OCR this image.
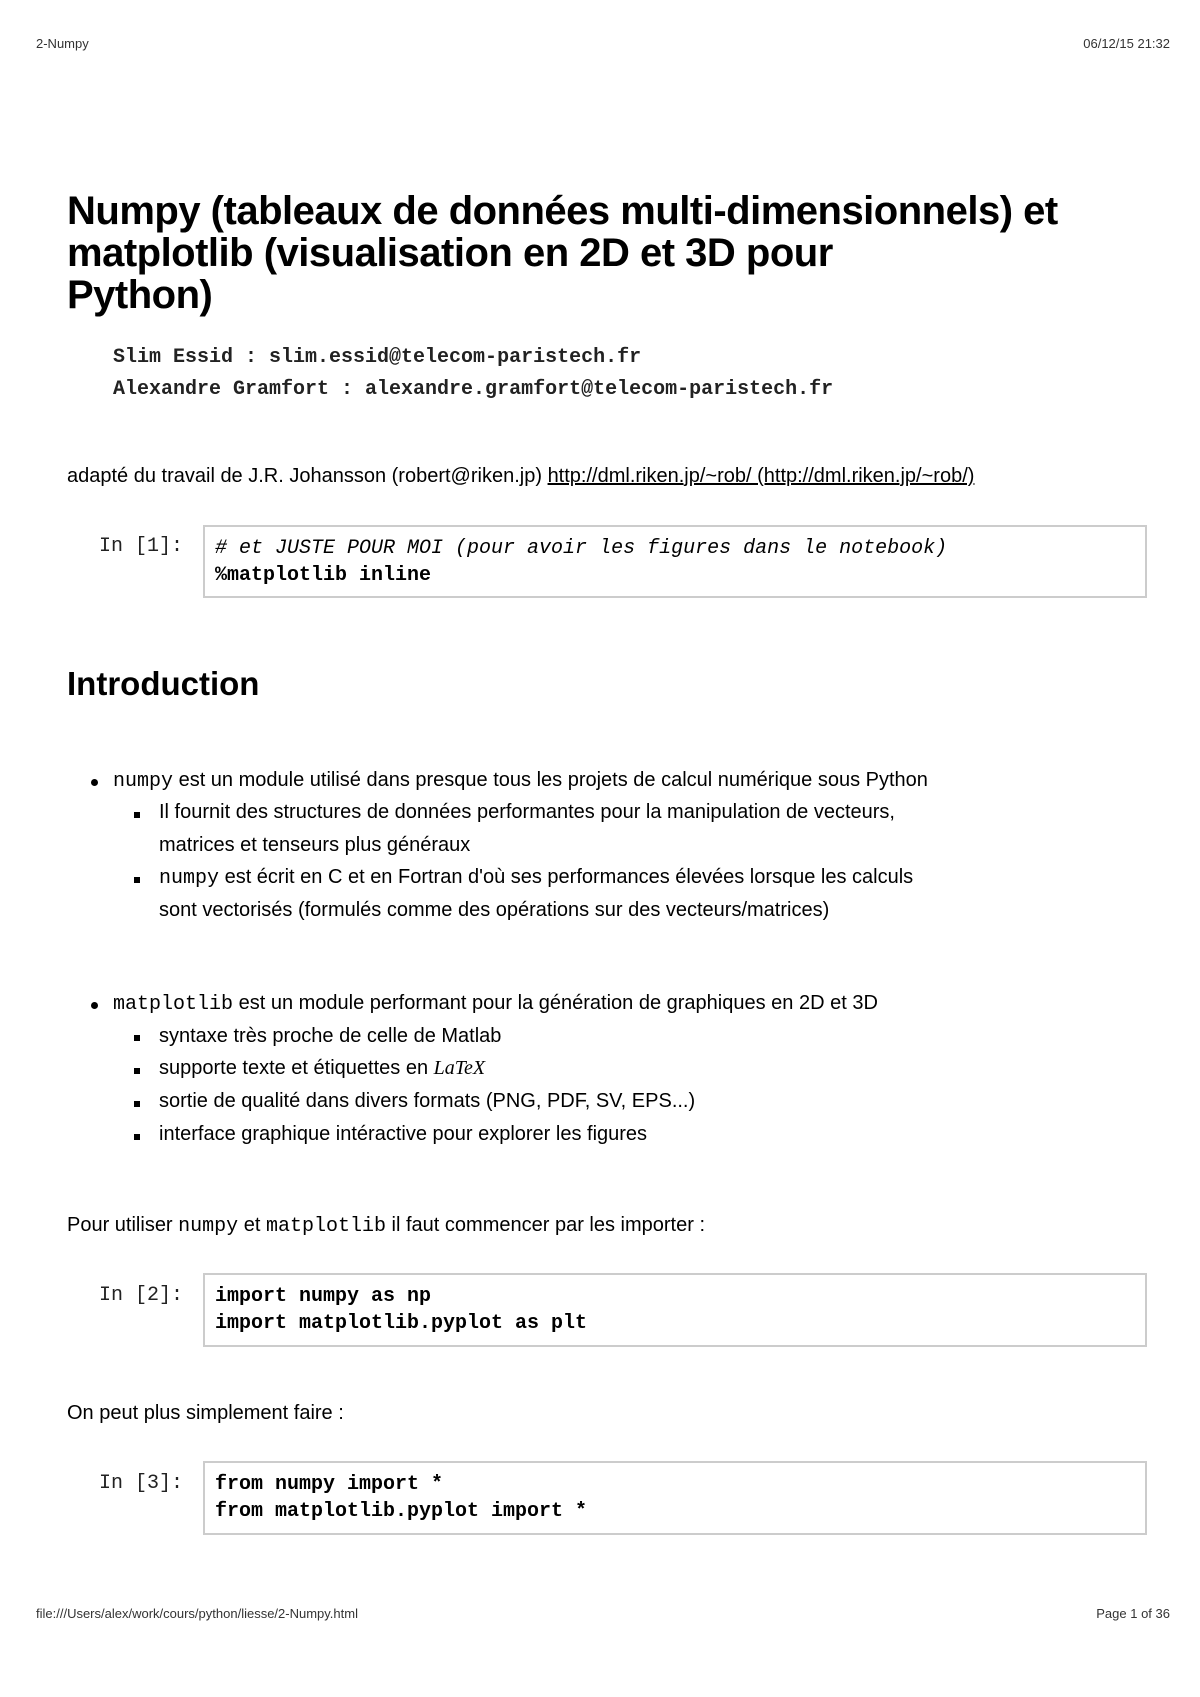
2-Numpy	06/12/15 21:32
Numpy (tableaux de données multi-dimensionnels) et
matplotlib (visualisation en 2D et 3D pour
Python)
Slim Essid : slim.essid@telecom-paristech.fr
Alexandre Gramfort : alexandre.gramfort@telecom-paristech.fr
adapté du travail de J.R. Johansson (robert@riken.jp) http://dml.riken.jp/~rob/ (http://dml.riken.jp/~rob/)
In [1]: # et JUSTE POUR MOI (pour avoir les figures dans le notebook)
%matplotlib inline
Introduction
numpy est un module utilisé dans presque tous les projets de calcul numérique sous Python
Il fournit des structures de données performantes pour la manipulation de vecteurs,
matrices et tenseurs plus généraux
numpy est écrit en C et en Fortran d'où ses performances élevées lorsque les calculs
sont vectorisés (formulés comme des opérations sur des vecteurs/matrices)
matplotlib est un module performant pour la génération de graphiques en 2D et 3D
syntaxe très proche de celle de Matlab
supporte texte et étiquettes en LaTeX
sortie de qualité dans divers formats (PNG, PDF, SV, EPS...)
interface graphique intéractive pour explorer les figures
Pour utiliser numpy et matplotlib il faut commencer par les importer :
In [2]: import numpy as np
import matplotlib.pyplot as plt
On peut plus simplement faire :
In [3]: from numpy import *
from matplotlib.pyplot import *
file:///Users/alex/work/cours/python/liesse/2-Numpy.html	Page 1 of 36
